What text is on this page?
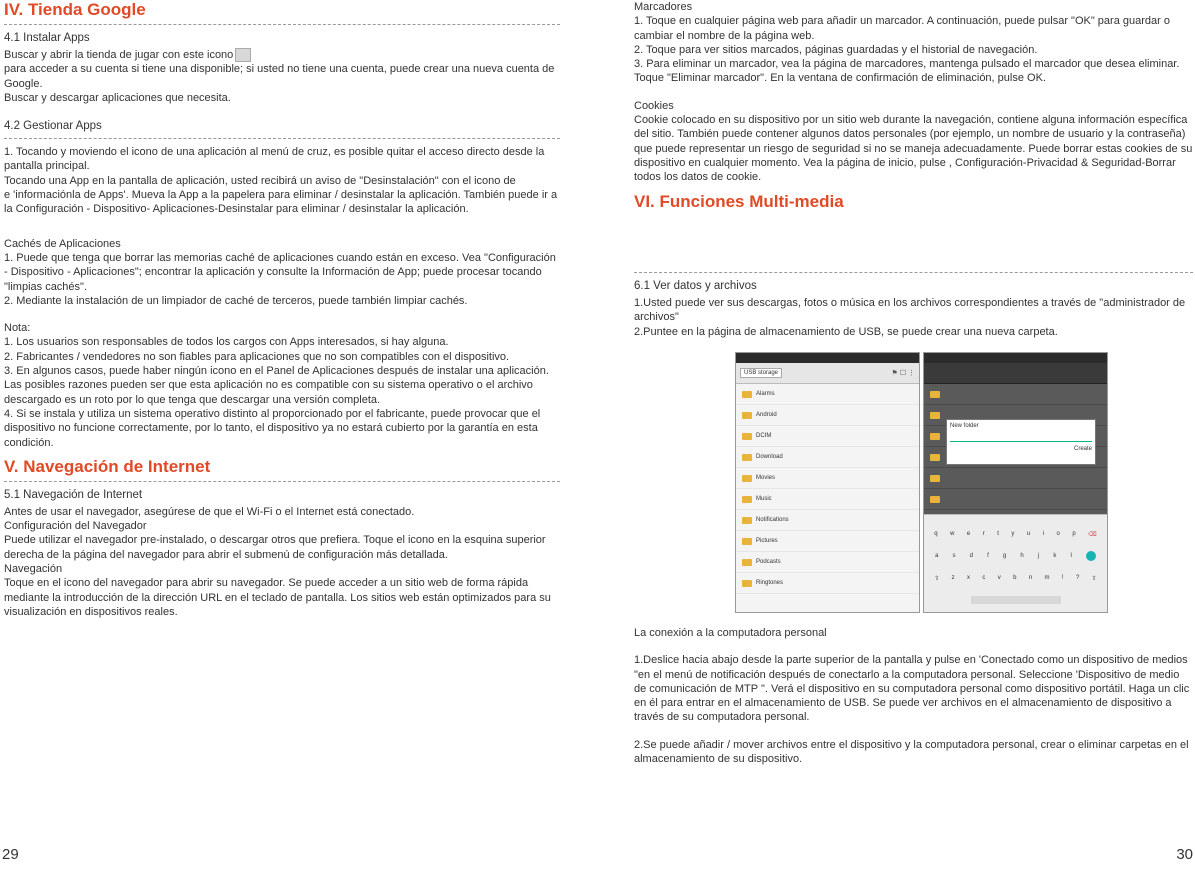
IV. Tienda Google
4.1 Instalar Apps

Buscar y abrir la tienda de jugar con este icono

para acceder a su cuenta si tiene una disponible; si usted no tiene una cuenta, puede crear una nueva cuenta de Google.

Buscar y descargar aplicaciones que necesita.

4.2 Gestionar Apps

1. Tocando y moviendo el icono de una aplicación al menú de cruz, es posible quitar el acceso directo desde la pantalla principal.

Tocando una App en la pantalla de aplicación, usted recibirá un aviso de "Desinstalación" con el icono de

e 'informaciónla de Apps'. Mueva la App a la papelera para eliminar / desinstalar la aplicación. También puede ir a la Configuración - Dispositivo- Aplicaciones-Desinstalar para eliminar / desinstalar la aplicación.

Cachés de Aplicaciones

1. Puede que tenga que borrar las memorias caché de aplicaciones cuando están en exceso. Vea "Configuración - Dispositivo - Aplicaciones"; encontrar la aplicación y consulte la Información de App; puede procesar tocando "limpias cachés".

2. Mediante la instalación de un limpiador de caché de terceros, puede también limpiar cachés.

Nota:

1. Los usuarios son responsables de todos los cargos con Apps interesados, si hay alguna.

2. Fabricantes / vendedores no son fiables para aplicaciones que no son compatibles con el dispositivo.

3. En algunos casos, puede haber ningún icono en el Panel de Aplicaciones después de instalar una aplicación. Las posibles razones pueden ser que esta aplicación no es compatible con su sistema operativo o el archivo descargado es un roto por lo que tenga que descargar una versión completa.

4. Si se instala y utiliza un sistema operativo distinto al proporcionado por el fabricante, puede provocar que el dispositivo no funcione correctamente, por lo tanto, el dispositivo ya no estará cubierto por la garantía en esta condición.

V. Navegación de Internet
5.1 Navegación de Internet

Antes de usar el navegador, asegúrese de que el Wi-Fi o el Internet está conectado.

Configuración del Navegador

Puede utilizar el navegador pre-instalado, o descargar otros que prefiera. Toque el icono en la esquina superior derecha de la página del navegador para abrir el submenú de configuración más detallada.

Navegación

Toque en el icono del navegador para abrir su navegador. Se puede acceder a un sitio web de forma rápida mediante la introducción de la dirección URL en el teclado de pantalla. Los sitios web están optimizados para su visualización en dispositivos reales.

29

Marcadores

1. Toque en cualquier página web para añadir un marcador. A continuación, puede pulsar "OK" para guardar o cambiar el nombre de la página web.

2. Toque para ver sitios marcados, páginas guardadas y el historial de navegación.

3. Para eliminar un marcador, vea la página de marcadores, mantenga pulsado el marcador que desea eliminar. Toque "Eliminar marcador". En la ventana de confirmación de eliminación, pulse OK.

Cookies

Cookie colocado en su dispositivo por un sitio web durante la navegación, contiene alguna información específica del sitio. También puede contener algunos datos personales (por ejemplo, un nombre de usuario y la contraseña) que puede representar un riesgo de seguridad si no se maneja adecuadamente. Puede borrar estas cookies de su dispositivo en cualquier momento. Vea la página de inicio, pulse , Configuración-Privacidad & Seguridad-Borrar todos los datos de cookie.

VI. Funciones Multi-media
6.1 Ver datos y archivos

1.Usted puede ver sus descargas, fotos o música en los archivos correspondientes a través de "administrador de archivos"

2.Puntee en la página de almacenamiento de USB, se puede crear una nueva carpeta.

USB storage	⚑ ☐ ⋮
Alarms
Android
DCIM
Download
Movies
Music
Notifications
Pictures
Podcasts
Ringtones
New folder
Create
q w e r t y u i o p ⌫
a s d f g h j k l
⇧ z x c v b n m ! ? ⇧

La conexión a la computadora personal

1.Deslice hacia abajo desde la parte superior de la pantalla y pulse en 'Conectado como un dispositivo de medios "en el menú de notificación después de conectarlo a la computadora personal. Seleccione 'Dispositivo de medio de comunicación de MTP ". Verá el dispositivo en su computadora personal como dispositivo portátil. Haga un clic en él para entrar en el almacenamiento de USB. Se puede ver archivos en el almacenamiento de dispositivo a través de su computadora personal.

2.Se puede añadir / mover archivos entre el dispositivo y la computadora personal, crear o eliminar carpetas en el almacenamiento de su dispositivo.

30
